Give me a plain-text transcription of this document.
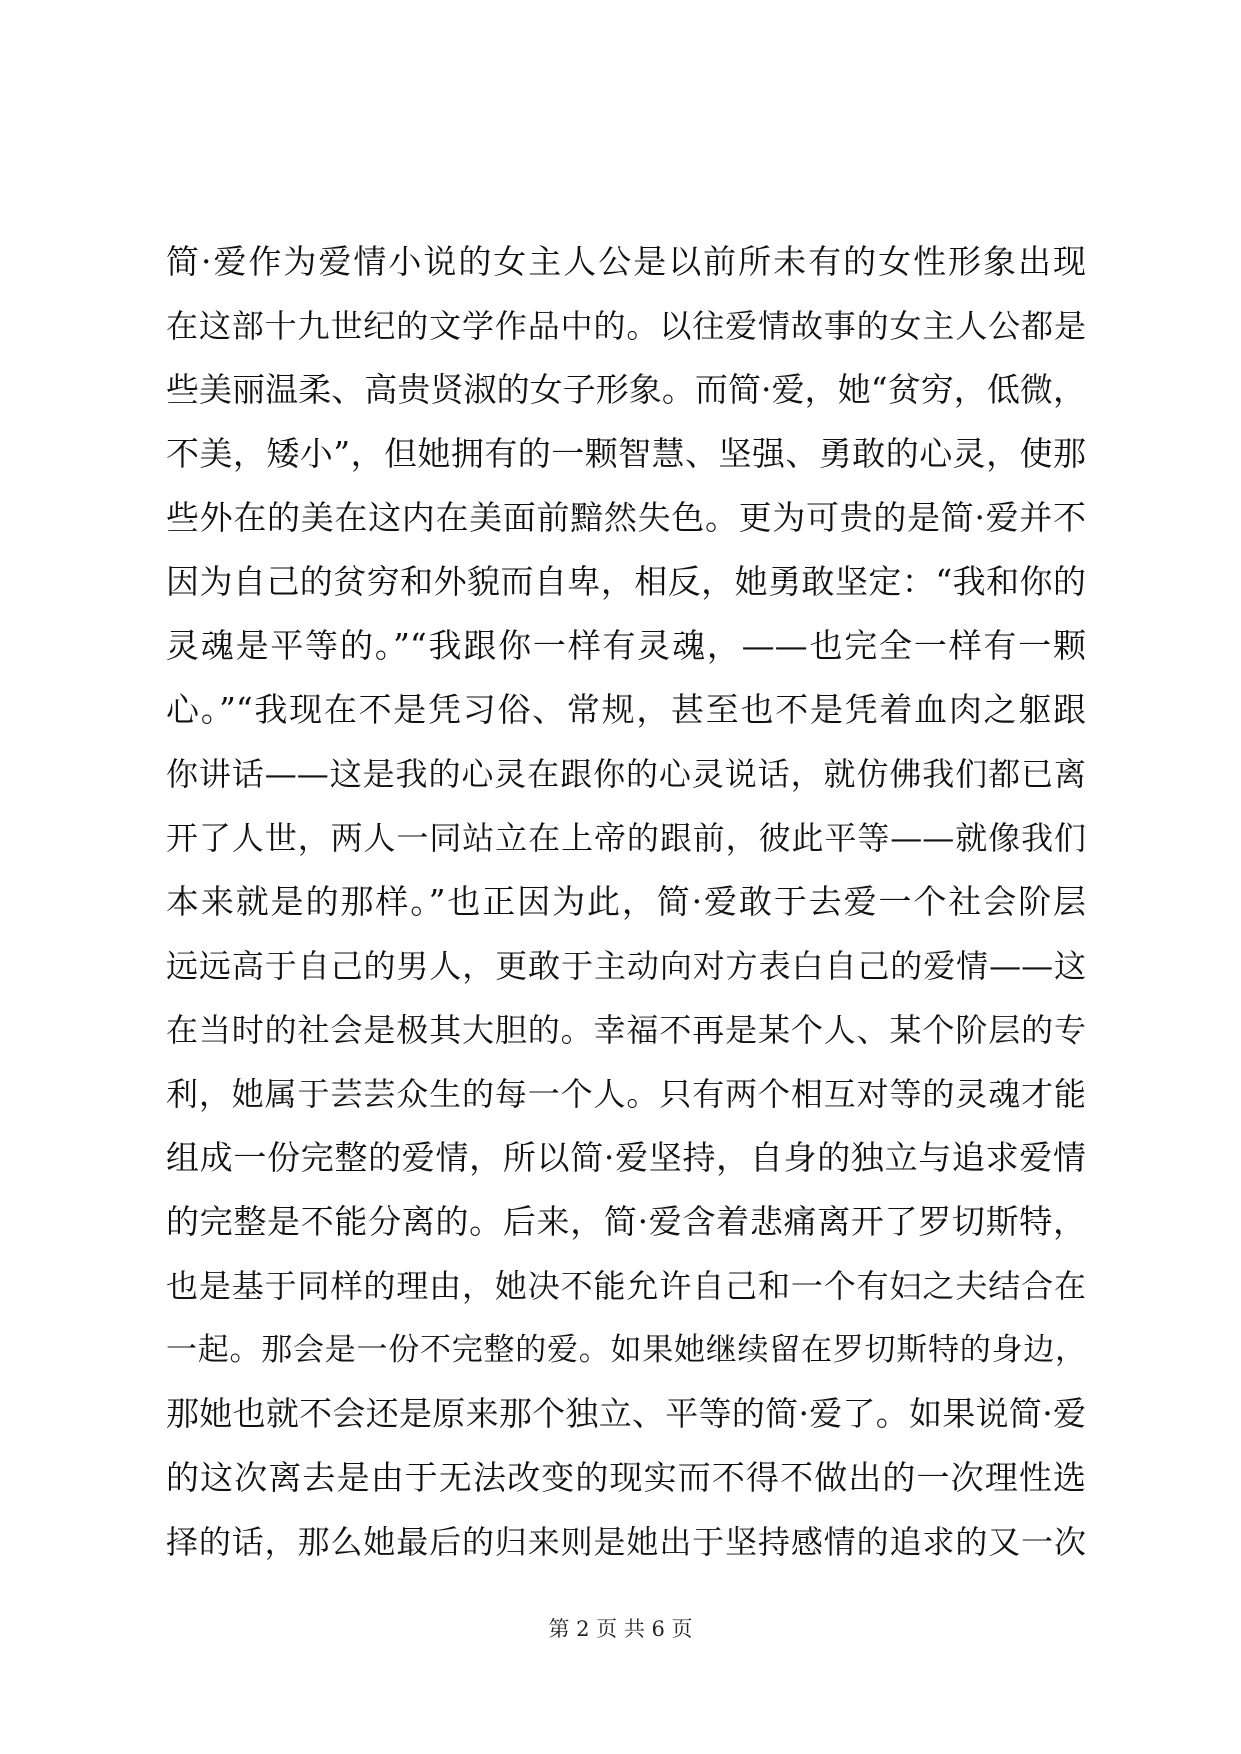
简·爱作为爱情小说的女主人公是以前所未有的女性形象出现
在这部十九世纪的文学作品中的。以往爱情故事的女主人公都是
些美丽温柔、高贵贤淑的女子形象。而简·爱，她“贫穷，低微，
不美，矮小”，但她拥有的一颗智慧、坚强、勇敢的心灵，使那
些外在的美在这内在美面前黯然失色。更为可贵的是简·爱并不
因为自己的贫穷和外貌而自卑，相反，她勇敢坚定：“我和你的
灵魂是平等的。”“我跟你一样有灵魂，——也完全一样有一颗
心。”“我现在不是凭习俗、常规，甚至也不是凭着血肉之躯跟
你讲话——这是我的心灵在跟你的心灵说话，就仿佛我们都已离
开了人世，两人一同站立在上帝的跟前，彼此平等——就像我们
本来就是的那样。”也正因为此，简·爱敢于去爱一个社会阶层
远远高于自己的男人，更敢于主动向对方表白自己的爱情——这
在当时的社会是极其大胆的。幸福不再是某个人、某个阶层的专
利，她属于芸芸众生的每一个人。只有两个相互对等的灵魂才能
组成一份完整的爱情，所以简·爱坚持，自身的独立与追求爱情
的完整是不能分离的。后来，简·爱含着悲痛离开了罗切斯特，
也是基于同样的理由，她决不能允许自己和一个有妇之夫结合在
一起。那会是一份不完整的爱。如果她继续留在罗切斯特的身边，
那她也就不会还是原来那个独立、平等的简·爱了。如果说简·爱
的这次离去是由于无法改变的现实而不得不做出的一次理性选
择的话，那么她最后的归来则是她出于坚持感情的追求的又一次
第 2 页 共 6 页
